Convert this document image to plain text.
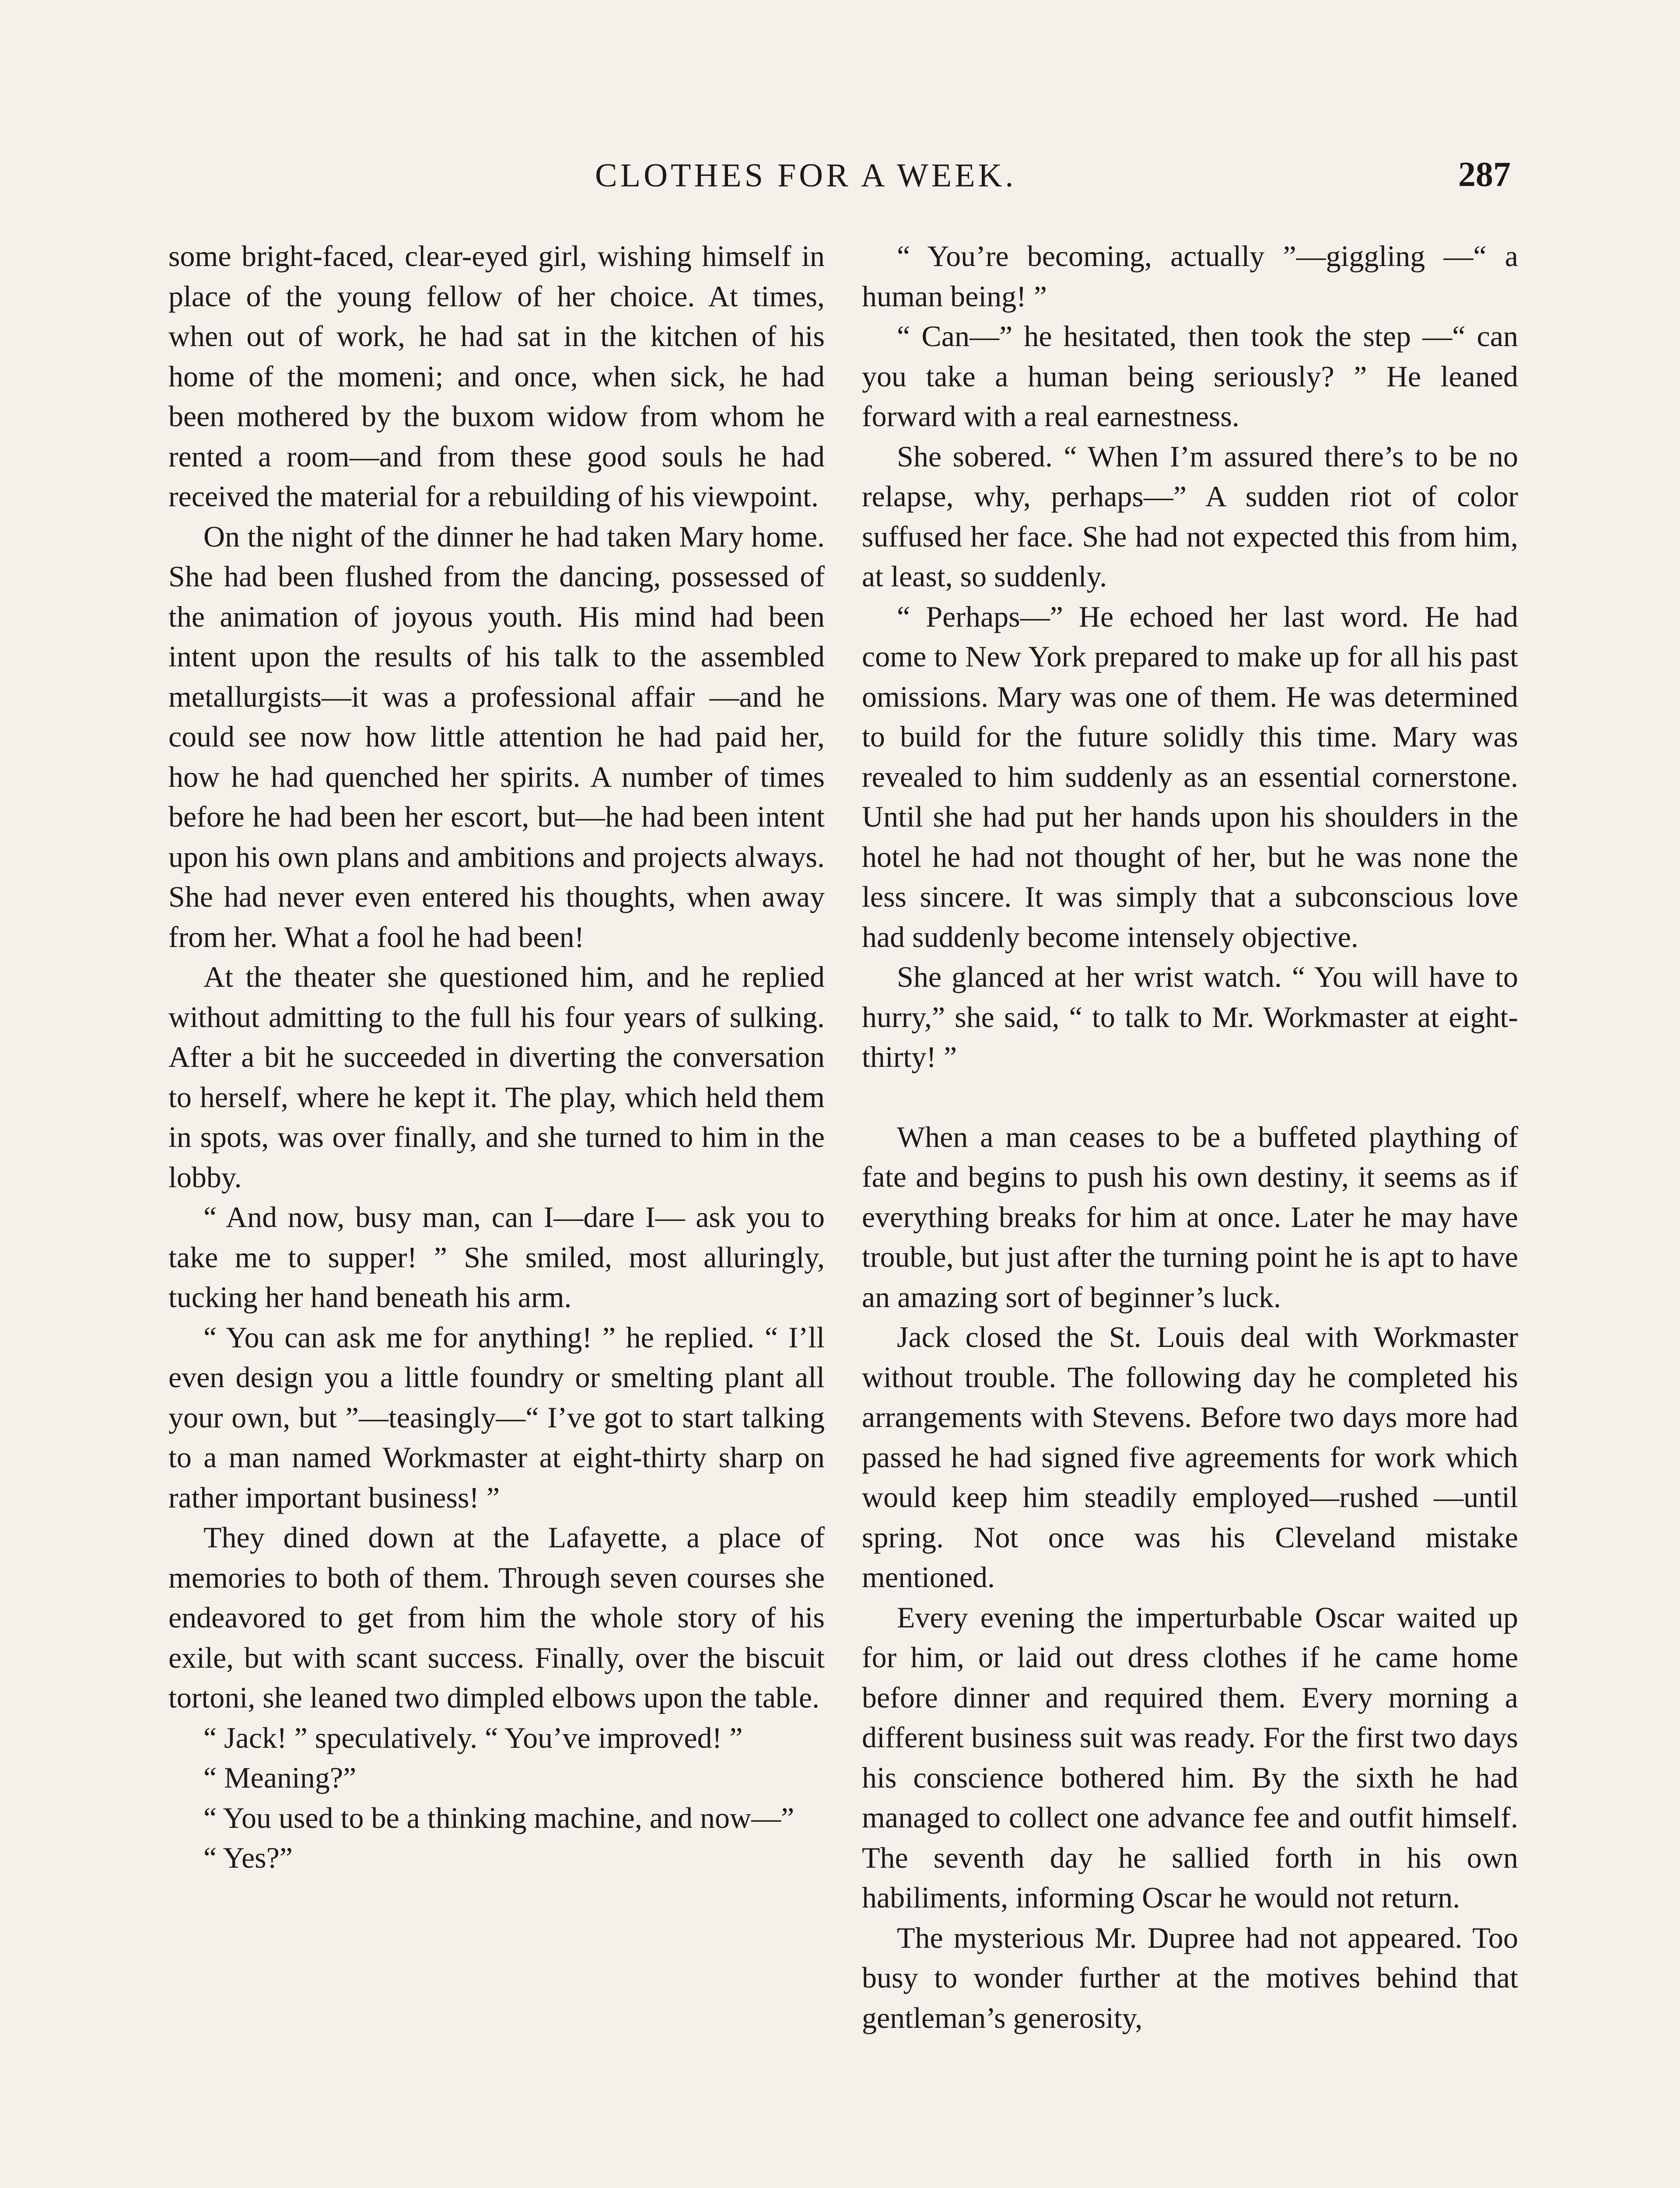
CLOTHES FOR A WEEK.	287

some bright-faced, clear-eyed girl, wishing himself in place of the young fellow of her choice. At times, when out of work, he had sat in the kitchen of his home of the momeni; and once, when sick, he had been mothered by the buxom widow from whom he rented a room—and from these good souls he had received the material for a rebuilding of his viewpoint.

On the night of the dinner he had taken Mary home. She had been flushed from the dancing, possessed of the animation of joyous youth. His mind had been intent upon the results of his talk to the assembled metallurgists—it was a professional affair —and he could see now how little attention he had paid her, how he had quenched her spirits. A number of times before he had been her escort, but—he had been intent upon his own plans and ambitions and projects always. She had never even entered his thoughts, when away from her. What a fool he had been!

At the theater she questioned him, and he replied without admitting to the full his four years of sulking. After a bit he succeeded in diverting the conversation to herself, where he kept it. The play, which held them in spots, was over finally, and she turned to him in the lobby.

“ And now, busy man, can I—dare I— ask you to take me to supper! ” She smiled, most alluringly, tucking her hand beneath his arm.

“ You can ask me for anything! ” he replied. “ I’ll even design you a little foundry or smelting plant all your own, but ”—teasingly—“ I’ve got to start talking to a man named Workmaster at eight-thirty sharp on rather important business! ”

They dined down at the Lafayette, a place of memories to both of them. Through seven courses she endeavored to get from him the whole story of his exile, but with scant success. Finally, over the biscuit tortoni, she leaned two dimpled elbows upon the table.

“ Jack! ” speculatively. “ You’ve improved! ”

“ Meaning?”

“ You used to be a thinking machine, and now—”

“ Yes?”

“ You’re becoming, actually ”—giggling —“ a human being! ”

“ Can—” he hesitated, then took the step —“ can you take a human being seriously? ” He leaned forward with a real earnestness.

She sobered. “ When I’m assured there’s to be no relapse, why, perhaps—” A sudden riot of color suffused her face. She had not expected this from him, at least, so suddenly.

“ Perhaps—” He echoed her last word. He had come to New York prepared to make up for all his past omissions. Mary was one of them. He was determined to build for the future solidly this time. Mary was revealed to him suddenly as an essential cornerstone. Until she had put her hands upon his shoulders in the hotel he had not thought of her, but he was none the less sincere. It was simply that a subconscious love had suddenly become intensely objective.

She glanced at her wrist watch. “ You will have to hurry,” she said, “ to talk to Mr. Workmaster at eight-thirty! ”

When a man ceases to be a buffeted plaything of fate and begins to push his own destiny, it seems as if everything breaks for him at once. Later he may have trouble, but just after the turning point he is apt to have an amazing sort of beginner’s luck.

Jack closed the St. Louis deal with Workmaster without trouble. The following day he completed his arrangements with Stevens. Before two days more had passed he had signed five agreements for work which would keep him steadily employed—rushed —until spring. Not once was his Cleveland mistake mentioned.

Every evening the imperturbable Oscar waited up for him, or laid out dress clothes if he came home before dinner and required them. Every morning a different business suit was ready. For the first two days his conscience bothered him. By the sixth he had managed to collect one advance fee and outfit himself. The seventh day he sallied forth in his own habiliments, informing Oscar he would not return.

The mysterious Mr. Dupree had not appeared. Too busy to wonder further at the motives behind that gentleman’s generosity,
